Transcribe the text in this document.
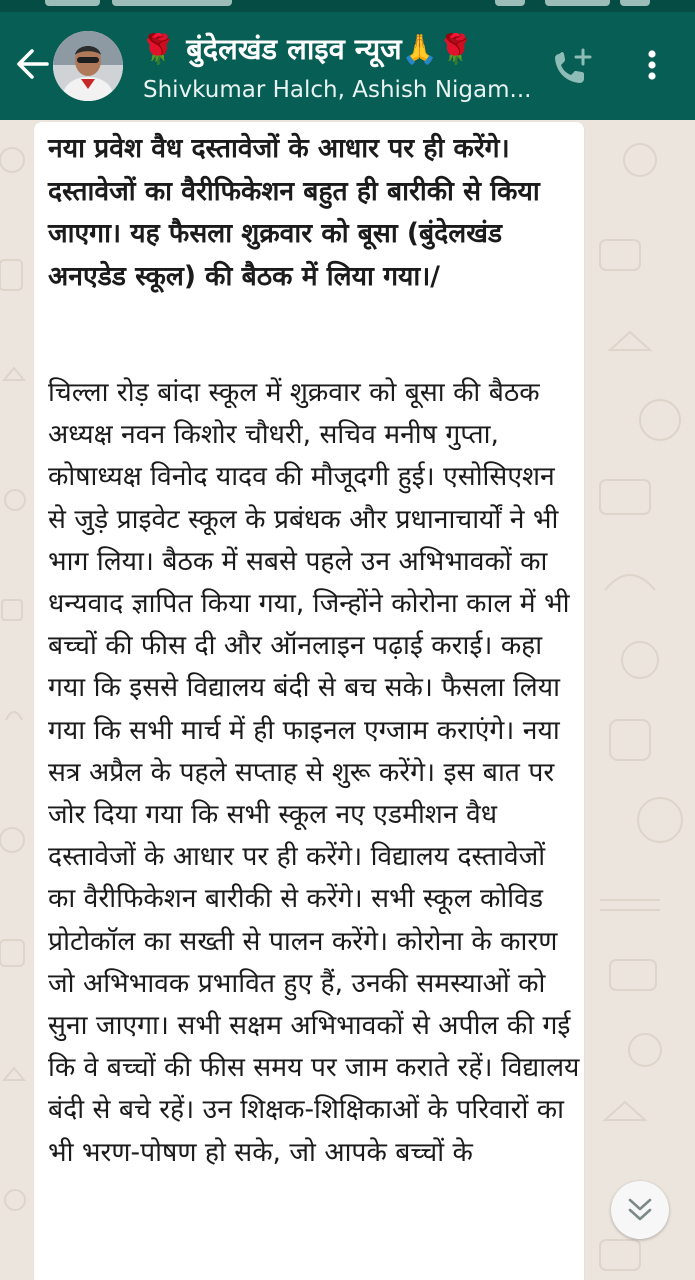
🌹 बुंदेलखंड लाइव न्यूज🙏🌹
Shivkumar Halch, Ashish Nigam...
नया प्रवेश वैध दस्तावेजों के आधार पर ही करेंगे। दस्तावेजों का वैरीफिकेशन बहुत ही बारीकी से किया जाएगा। यह फैसला शुक्रवार को बूसा (बुंदेलखंड अनएडेड स्कूल) की बैठक में लिया गया।/
चिल्ला रोड़ बांदा स्कूल में शुक्रवार को बूसा की बैठक अध्यक्ष नवन किशोर चौधरी, सचिव मनीष गुप्ता, कोषाध्यक्ष विनोद यादव की मौजूदगी हुई। एसोसिएशन से जुड़े प्राइवेट स्कूल के प्रबंधक और प्रधानाचार्यों ने भी भाग लिया। बैठक में सबसे पहले उन अभिभावकों का धन्यवाद ज्ञापित किया गया, जिन्होंने कोरोना काल में भी बच्चों की फीस दी और ऑनलाइन पढ़ाई कराई। कहा गया कि इससे विद्यालय बंदी से बच सके। फैसला लिया गया कि सभी मार्च में ही फाइनल एग्जाम कराएंगे। नया सत्र अप्रैल के पहले सप्ताह से शुरू करेंगे। इस बात पर जोर दिया गया कि सभी स्कूल नए एडमीशन वैध दस्तावेजों के आधार पर ही करेंगे। विद्यालय दस्तावेजों का वैरीफिकेशन बारीकी से करेंगे। सभी स्कूल कोविड प्रोटोकॉल का सख्ती से पालन करेंगे। कोरोना के कारण जो अभिभावक प्रभावित हुए हैं, उनकी समस्याओं को सुना जाएगा। सभी सक्षम अभिभावकों से अपील की गई कि वे बच्चों की फीस समय पर जाम कराते रहें। विद्यालय बंदी से बचे रहें। उन शिक्षक-शिक्षिकाओं के परिवारों का भी भरण-पोषण हो सके, जो आपके बच्चों के
